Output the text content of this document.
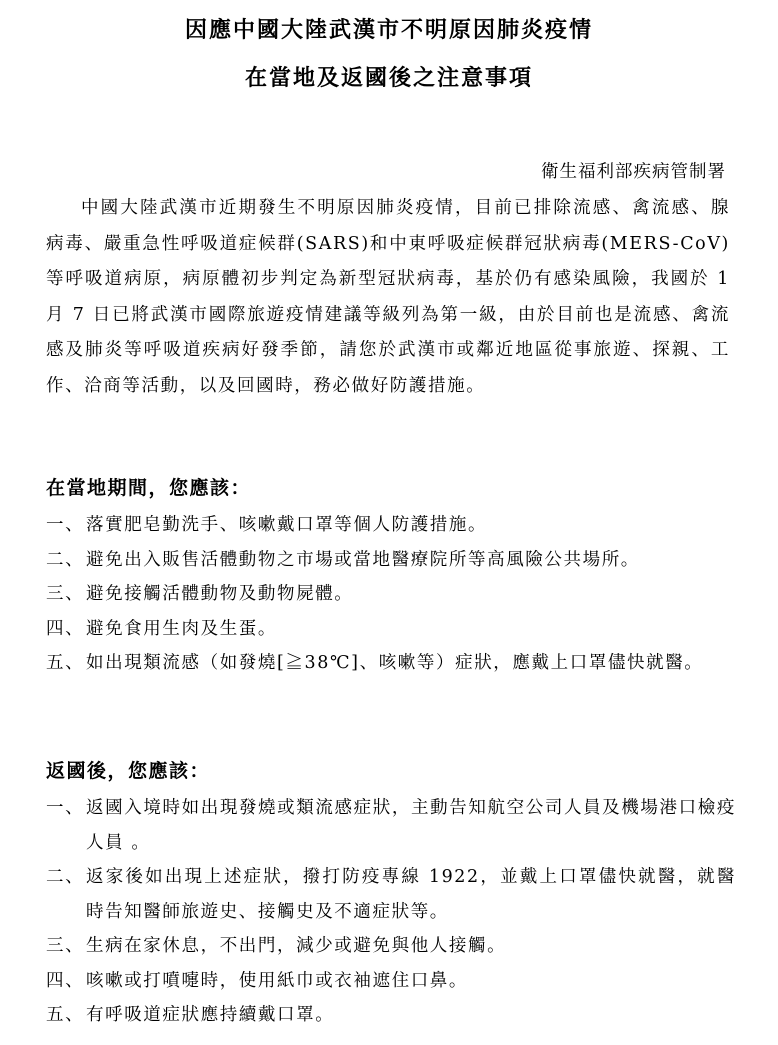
因應中國大陸武漢市不明原因肺炎疫情
在當地及返國後之注意事項
衛生福利部疾病管制署

中國大陸武漢市近期發生不明原因肺炎疫情，目前已排除流感、禽流感、腺病毒、嚴重急性呼吸道症候群(SARS)和中東呼吸症候群冠狀病毒(MERS-CoV)等呼吸道病原，病原體初步判定為新型冠狀病毒，基於仍有感染風險，我國於 1 月 7 日已將武漢市國際旅遊疫情建議等級列為第一級，由於目前也是流感、禽流感及肺炎等呼吸道疾病好發季節，請您於武漢市或鄰近地區從事旅遊、探親、工作、洽商等活動，以及回國時，務必做好防護措施。

在當地期間，您應該：
一、 落實肥皂勤洗手、咳嗽戴口罩等個人防護措施。
二、 避免出入販售活體動物之市場或當地醫療院所等高風險公共場所。
三、 避免接觸活體動物及動物屍體。
四、 避免食用生肉及生蛋。
五、 如出現類流感（如發燒[≧38℃]、咳嗽等）症狀，應戴上口罩儘快就醫。
返國後，您應該：
一、 返國入境時如出現發燒或類流感症狀，主動告知航空公司人員及機場港口檢疫人員 。
二、 返家後如出現上述症狀，撥打防疫專線 1922，並戴上口罩儘快就醫，就醫時告知醫師旅遊史、接觸史及不適症狀等。
三、 生病在家休息，不出門，減少或避免與他人接觸。
四、 咳嗽或打噴嚏時，使用紙巾或衣袖遮住口鼻。
五、 有呼吸道症狀應持續戴口罩。
